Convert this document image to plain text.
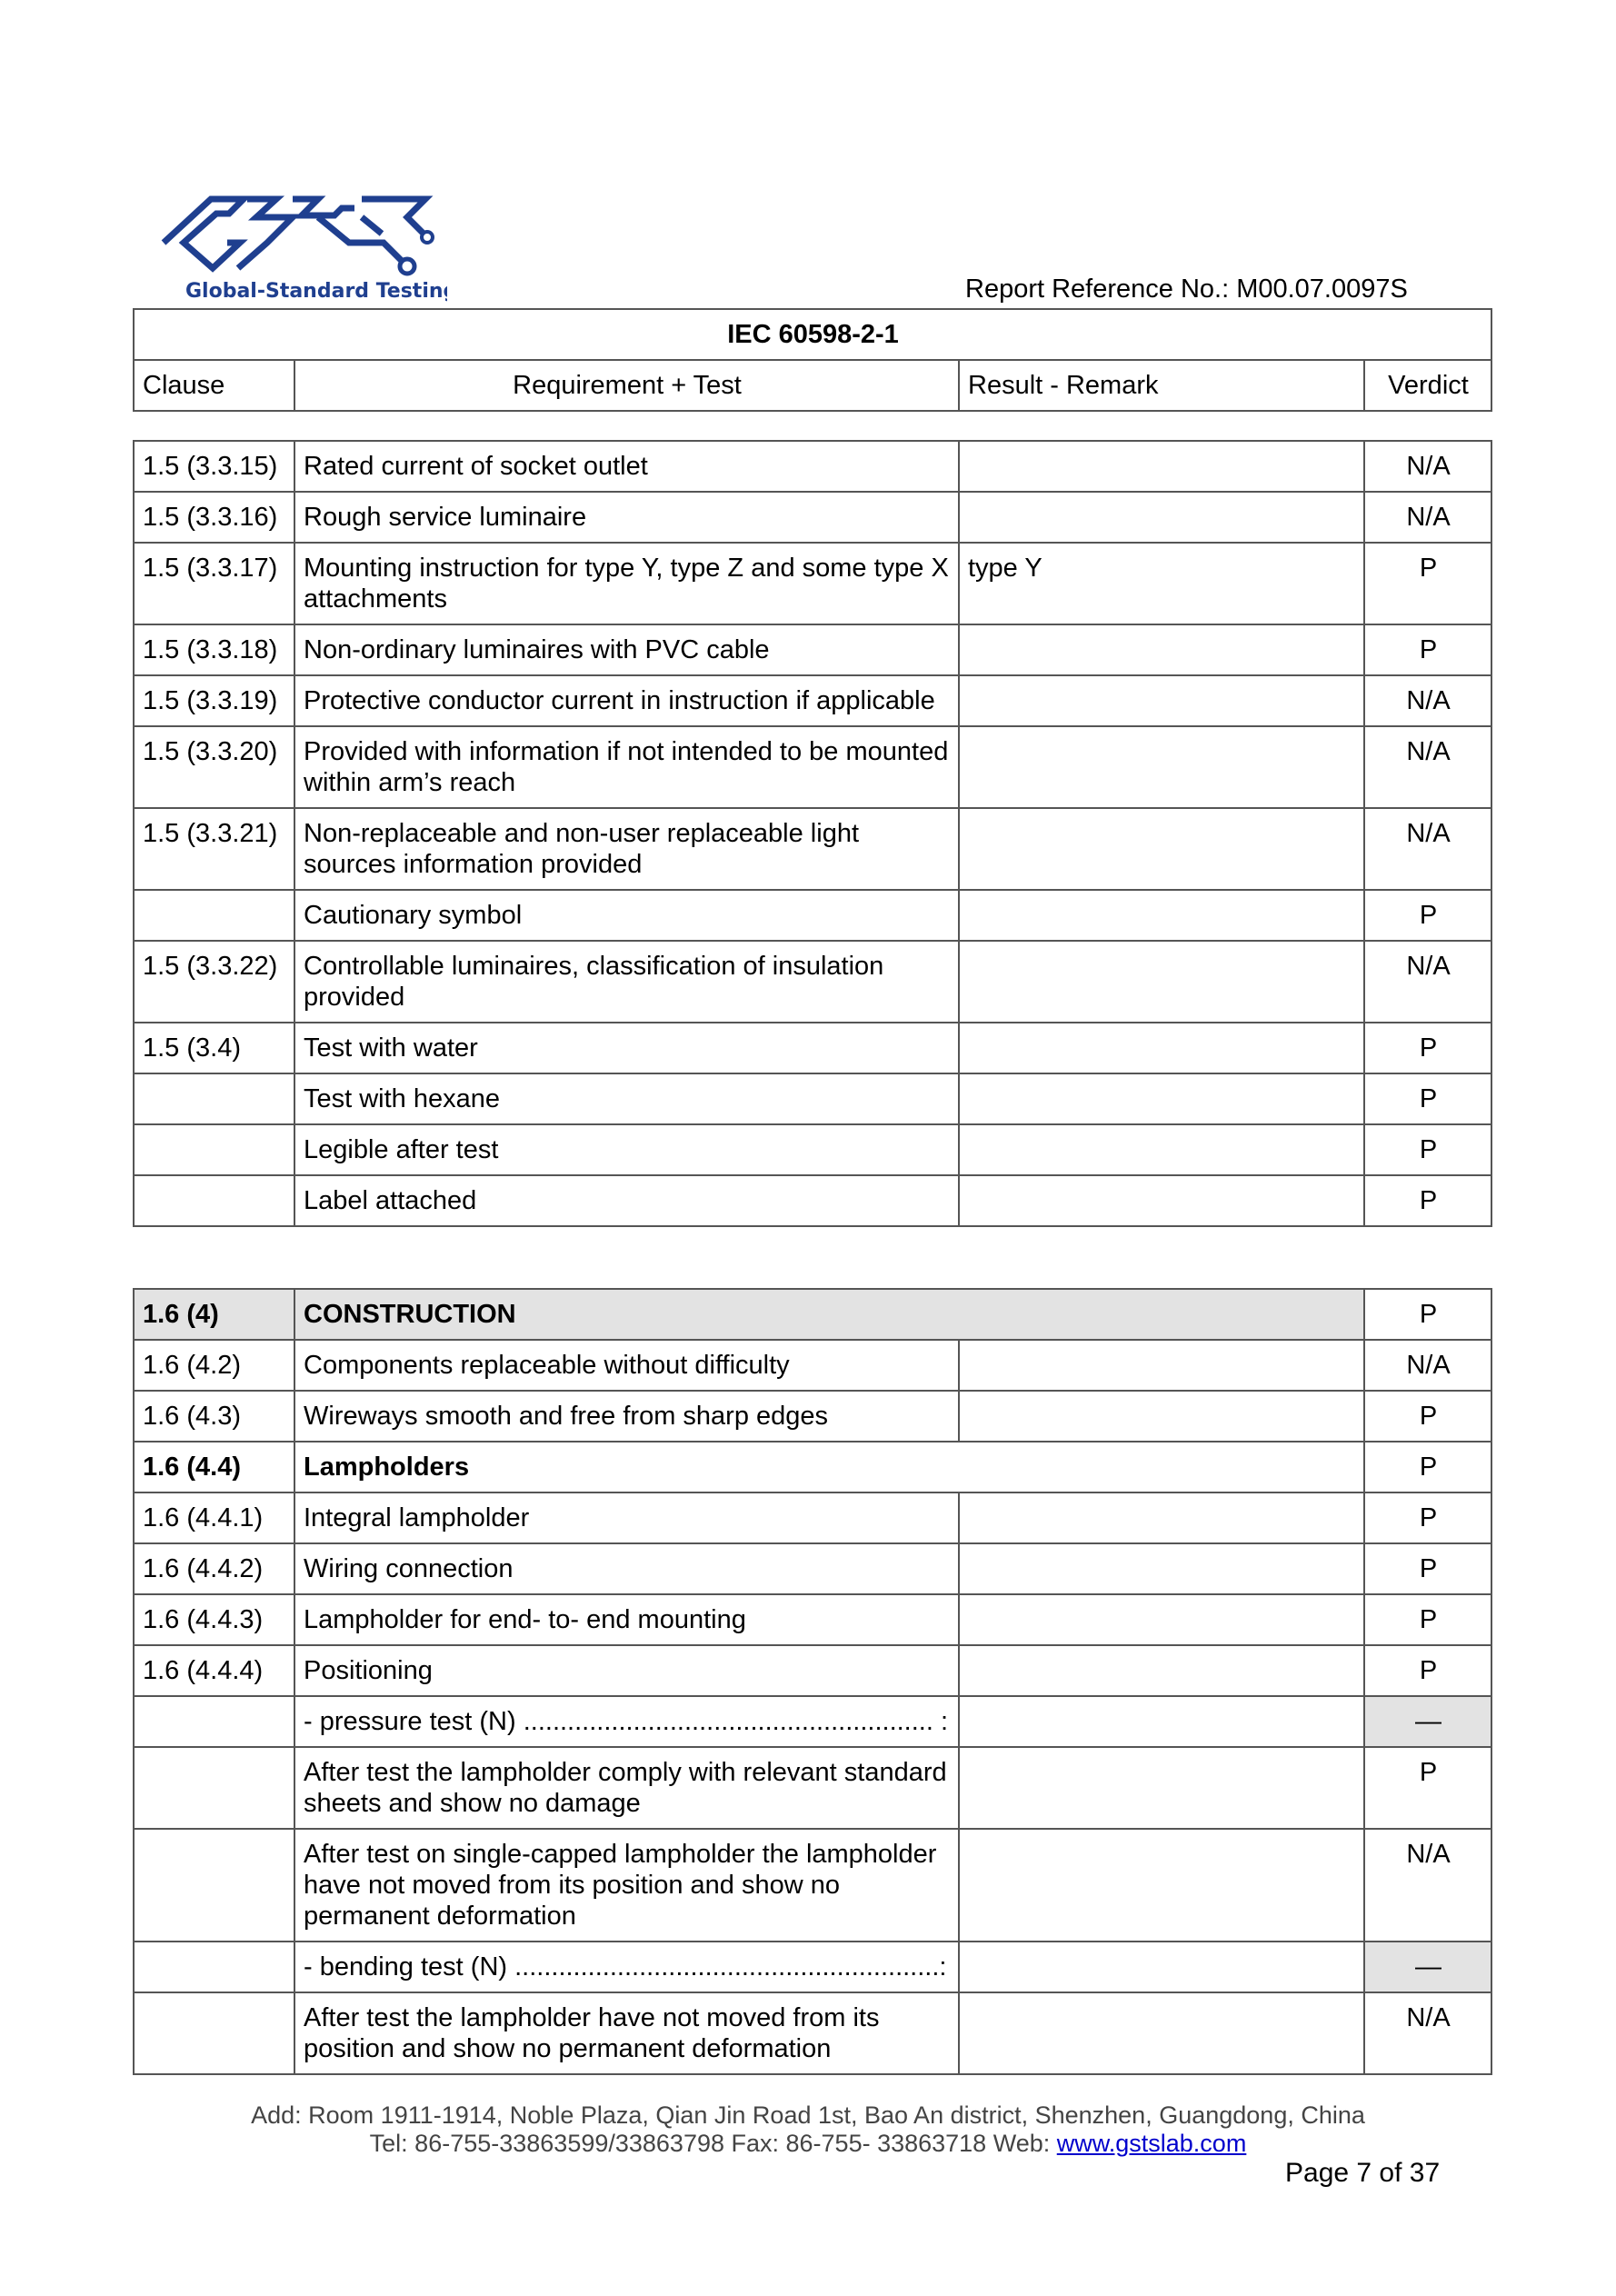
Global-Standard Testing	Report Reference No.: M00.07.0097S
IEC 60598-2-1
Clause	Requirement + Test	Result - Remark	Verdict
1.5 (3.3.15)	Rated current of socket outlet		N/A
1.5 (3.3.16)	Rough service luminaire		N/A
1.5 (3.3.17)	Mounting instruction for type Y, type Z and some type X attachments	type Y	P
1.5 (3.3.18)	Non-ordinary luminaires with PVC cable		P
1.5 (3.3.19)	Protective conductor current in instruction if applicable		N/A
1.5 (3.3.20)	Provided with information if not intended to be mounted within arm’s reach		N/A
1.5 (3.3.21)	Non-replaceable and non-user replaceable light sources information provided		N/A
	Cautionary symbol		P
1.5 (3.3.22)	Controllable luminaires, classification of insulation provided		N/A
1.5 (3.4)	Test with water		P
	Test with hexane		P
	Legible after test		P
	Label attached		P
1.6 (4)	CONSTRUCTION		P
1.6 (4.2)	Components replaceable without difficulty		N/A
1.6 (4.3)	Wireways smooth and free from sharp edges		P
1.6 (4.4)	Lampholders		P
1.6 (4.4.1)	Integral lampholder		P
1.6 (4.4.2)	Wiring connection		P
1.6 (4.4.3)	Lampholder for end- to- end mounting		P
1.6 (4.4.4)	Positioning		P
	- pressure test (N) ........................................................ :		—
	After test the lampholder comply with relevant standard sheets and show no damage		P
	After test on single-capped lampholder the lampholder have not moved from its position and show no permanent deformation		N/A
	- bending test (N) ..........................................................:		—
	After test the lampholder have not moved from its position and show no permanent deformation		N/A
Add: Room 1911-1914, Noble Plaza, Qian Jin Road 1st, Bao An district, Shenzhen, Guangdong, China
Tel: 86-755-33863599/33863798 Fax: 86-755- 33863718 Web: www.gstslab.com
Page 7 of 37
